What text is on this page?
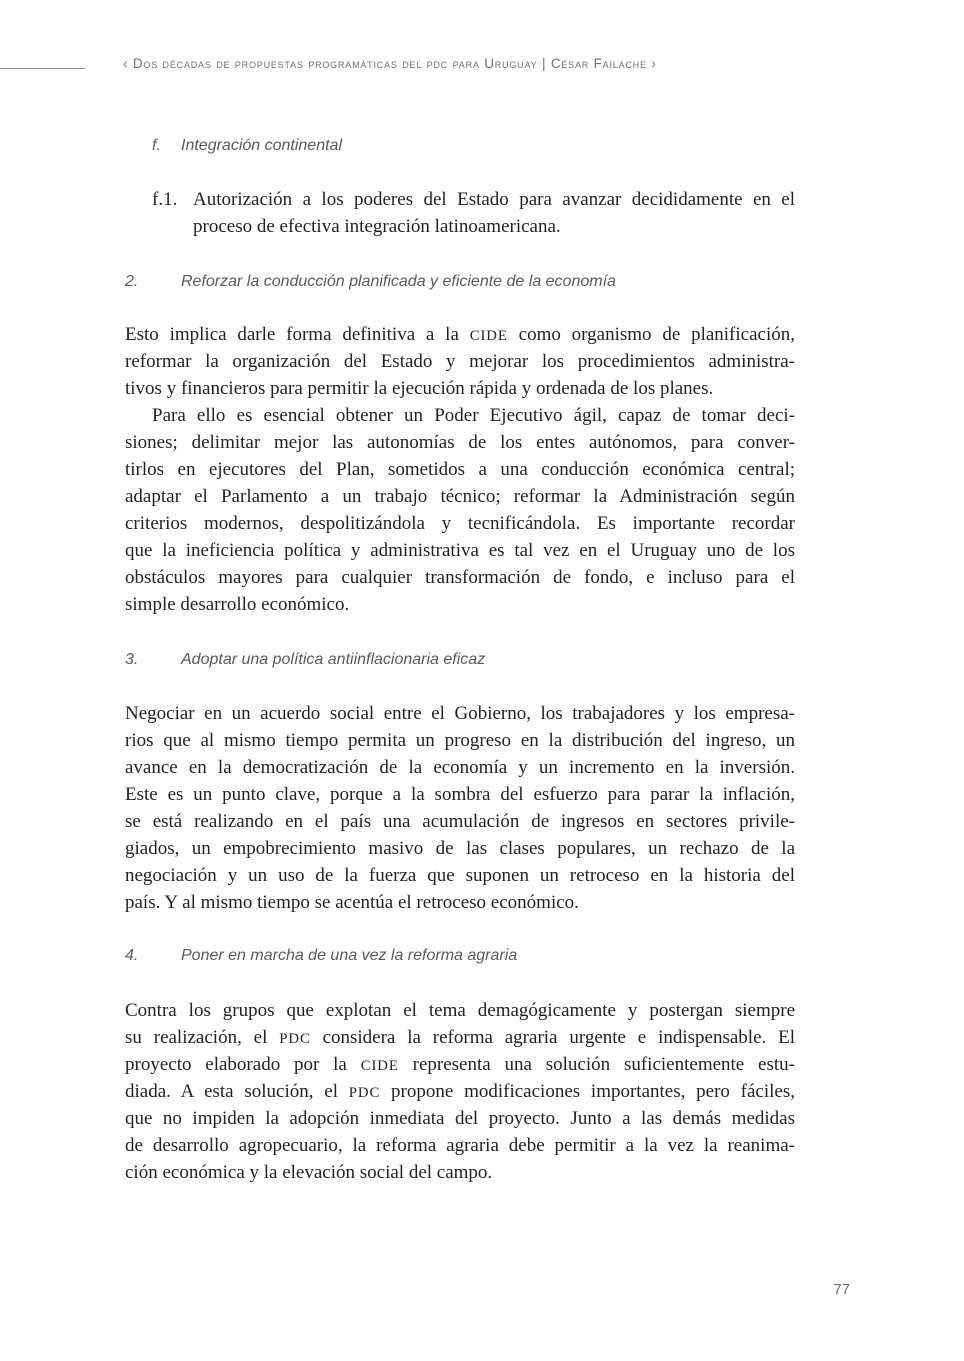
‹ Dos décadas de propuestas programáticas del pdc para Uruguay | César Failache ›
f. Integración continental
f.1. Autorización a los poderes del Estado para avanzar decididamente en el
proceso de efectiva integración latinoamericana.
2.	Reforzar la conducción planificada y eficiente de la economía
Esto implica darle forma definitiva a la CIDE como organismo de planificación,
reformar la organización del Estado y mejorar los procedimientos administra-
tivos y financieros para permitir la ejecución rápida y ordenada de los planes.
Para ello es esencial obtener un Poder Ejecutivo ágil, capaz de tomar deci-
siones; delimitar mejor las autonomías de los entes autónomos, para conver-
tirlos en ejecutores del Plan, sometidos a una conducción económica central;
adaptar el Parlamento a un trabajo técnico; reformar la Administración según
criterios modernos, despolitizándola y tecnificándola. Es importante recordar
que la ineficiencia política y administrativa es tal vez en el Uruguay uno de los
obstáculos mayores para cualquier transformación de fondo, e incluso para el
simple desarrollo económico.
3.	Adoptar una política antiinflacionaria eficaz
Negociar en un acuerdo social entre el Gobierno, los trabajadores y los empresa-
rios que al mismo tiempo permita un progreso en la distribución del ingreso, un
avance en la democratización de la economía y un incremento en la inversión.
Este es un punto clave, porque a la sombra del esfuerzo para parar la inflación,
se está realizando en el país una acumulación de ingresos en sectores privile-
giados, un empobrecimiento masivo de las clases populares, un rechazo de la
negociación y un uso de la fuerza que suponen un retroceso en la historia del
país. Y al mismo tiempo se acentúa el retroceso económico.
4.	Poner en marcha de una vez la reforma agraria
Contra los grupos que explotan el tema demagógicamente y postergan siempre
su realización, el PDC considera la reforma agraria urgente e indispensable. El
proyecto elaborado por la CIDE representa una solución suficientemente estu-
diada. A esta solución, el PDC propone modificaciones importantes, pero fáciles,
que no impiden la adopción inmediata del proyecto. Junto a las demás medidas
de desarrollo agropecuario, la reforma agraria debe permitir a la vez la reanima-
ción económica y la elevación social del campo.
77
